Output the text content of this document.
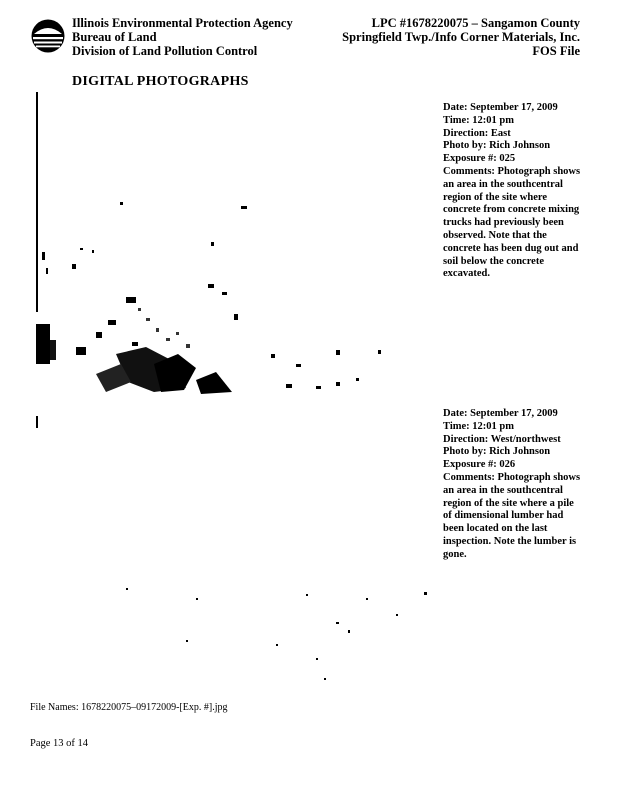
Illinois Environmental Protection Agency
Bureau of Land
Division of Land Pollution Control
LPC #1678220075 – Sangamon County
Springfield Twp./Info Corner Materials, Inc.
FOS File
DIGITAL PHOTOGRAPHS
Date: September 17, 2009
Time: 12:01 pm
Direction: East
Photo by: Rich Johnson
Exposure #: 025
Comments: Photograph shows an area in the southcentral region of the site where concrete from concrete mixing trucks had previously been observed. Note that the concrete has been dug out and soil below the concrete excavated.
Date: September 17, 2009
Time: 12:01 pm
Direction: West/northwest
Photo by: Rich Johnson
Exposure #: 026
Comments: Photograph shows an area in the southcentral region of the site where a pile of dimensional lumber had been located on the last inspection. Note the lumber is gone.
File Names: 1678220075–09172009-[Exp. #].jpg
Page 13 of 14
